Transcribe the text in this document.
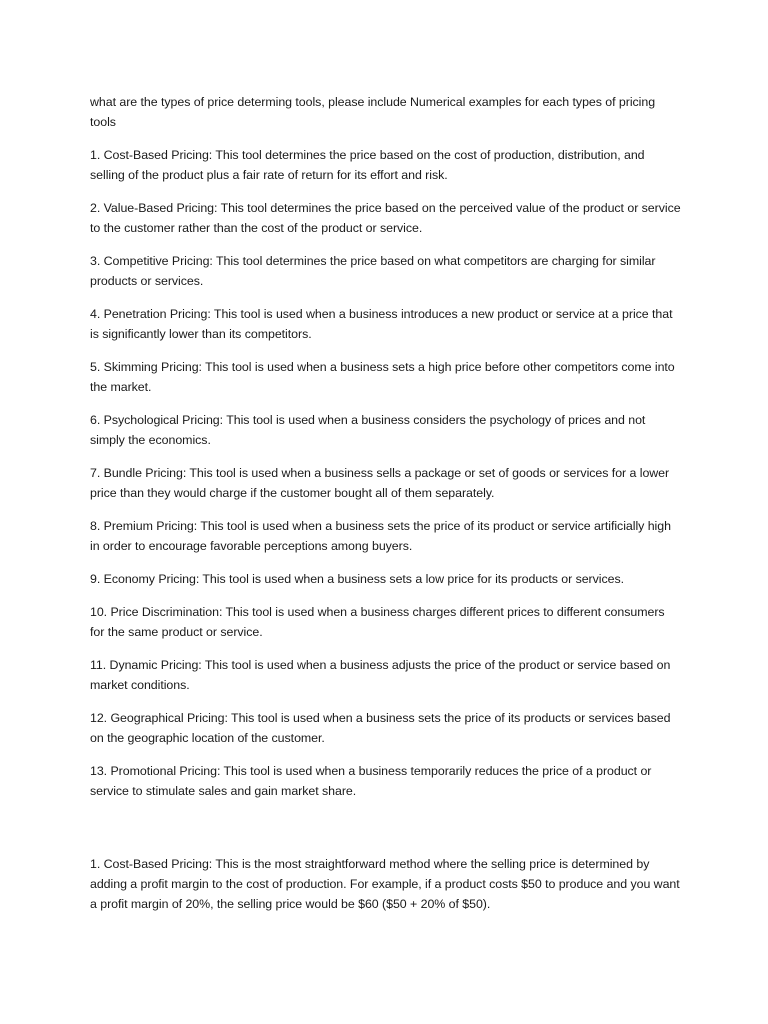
what are the types of price determing tools, please include Numerical examples for each types of pricing tools

1. Cost-Based Pricing: This tool determines the price based on the cost of production, distribution, and selling of the product plus a fair rate of return for its effort and risk.

2. Value-Based Pricing: This tool determines the price based on the perceived value of the product or service to the customer rather than the cost of the product or service.

3. Competitive Pricing: This tool determines the price based on what competitors are charging for similar products or services.

4. Penetration Pricing: This tool is used when a business introduces a new product or service at a price that is significantly lower than its competitors.

5. Skimming Pricing: This tool is used when a business sets a high price before other competitors come into the market.

6. Psychological Pricing: This tool is used when a business considers the psychology of prices and not simply the economics.

7. Bundle Pricing: This tool is used when a business sells a package or set of goods or services for a lower price than they would charge if the customer bought all of them separately.

8. Premium Pricing: This tool is used when a business sets the price of its product or service artificially high in order to encourage favorable perceptions among buyers.

9. Economy Pricing: This tool is used when a business sets a low price for its products or services.

10. Price Discrimination: This tool is used when a business charges different prices to different consumers for the same product or service.

11. Dynamic Pricing: This tool is used when a business adjusts the price of the product or service based on market conditions.

12. Geographical Pricing: This tool is used when a business sets the price of its products or services based on the geographic location of the customer.

13. Promotional Pricing: This tool is used when a business temporarily reduces the price of a product or service to stimulate sales and gain market share.

1. Cost-Based Pricing: This is the most straightforward method where the selling price is determined by adding a profit margin to the cost of production. For example, if a product costs $50 to produce and you want a profit margin of 20%, the selling price would be $60 ($50 + 20% of $50).
